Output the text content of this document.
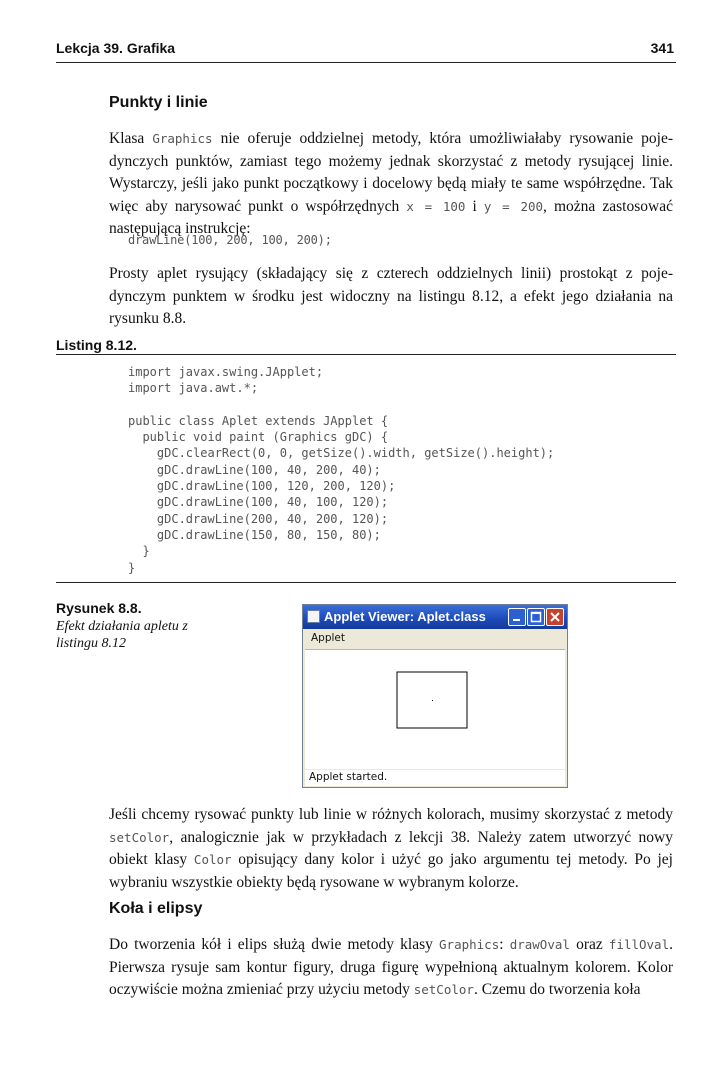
Lekcja 39. Grafika	341
Punkty i linie

Klasa Graphics nie oferuje oddzielnej metody, która umożliwiałaby rysowanie poje-dynczych punktów, zamiast tego możemy jednak skorzystać z metody rysującej linie. Wystarczy, jeśli jako punkt początkowy i docelowy będą miały te same współrzędne. Tak więc aby narysować punkt o współrzędnych x = 100 i y = 200, można zastosować następującą instrukcję:

drawLine(100, 200, 100, 200);

Prosty aplet rysujący (składający się z czterech oddzielnych linii) prostokąt z poje-dynczym punktem w środku jest widoczny na listingu 8.12, a efekt jego działania na rysunku 8.8.

Listing 8.12.
import javax.swing.JApplet;
import java.awt.*;
public class Aplet extends JApplet {
public void paint (Graphics gDC) {
gDC.clearRect(0, 0, getSize().width, getSize().height);
gDC.drawLine(100, 40, 200, 40);
gDC.drawLine(100, 120, 200, 120);
gDC.drawLine(100, 40, 100, 120);
gDC.drawLine(200, 40, 200, 120);
gDC.drawLine(150, 80, 150, 80);
}
}
Rysunek 8.8.
Efekt działania apletu z listingu 8.12
Applet Viewer: Aplet.class
Applet
Applet started.

Jeśli chcemy rysować punkty lub linie w różnych kolorach, musimy skorzystać z metody setColor, analogicznie jak w przykładach z lekcji 38. Należy zatem utworzyć nowy obiekt klasy Color opisujący dany kolor i użyć go jako argumentu tej metody. Po jej wybraniu wszystkie obiekty będą rysowane w wybranym kolorze.

Koła i elipsy

Do tworzenia kół i elips służą dwie metody klasy Graphics: drawOval oraz fillOval. Pierwsza rysuje sam kontur figury, druga figurę wypełnioną aktualnym kolorem. Kolor oczywiście można zmieniać przy użyciu metody setColor. Czemu do tworzenia koła
